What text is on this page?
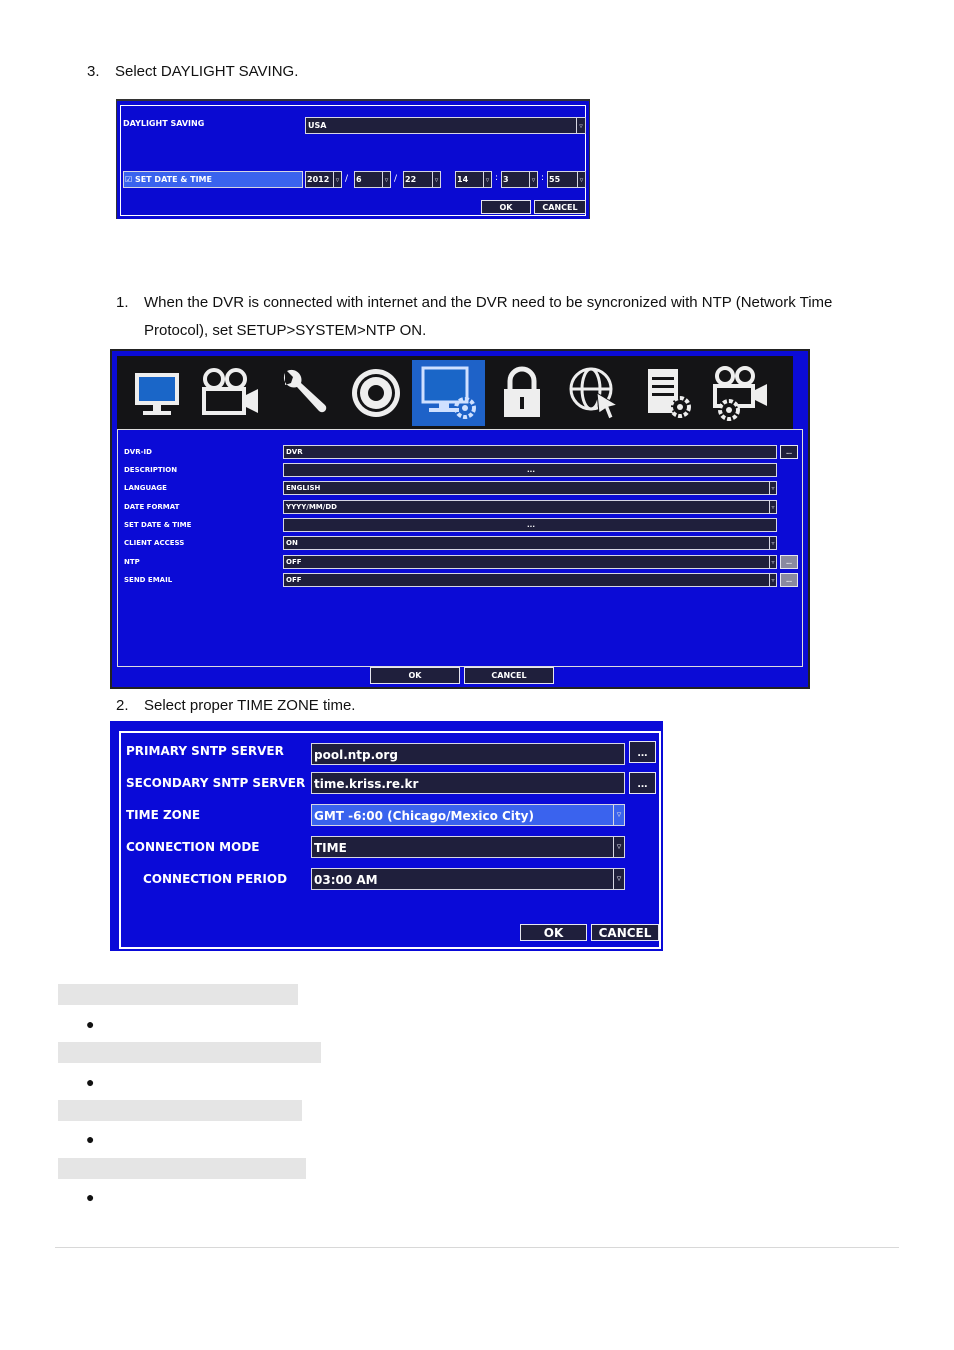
3. Select DAYLIGHT SAVING.
DAYLIGHT SAVING	USA	▿
☑ SET DATE & TIME	2012 ▿ / 6	▿ / 22	▿ 14	▿ : 3	▿ : 55	▿
OK	CANCEL
1. When the DVR is connected with internet and the DVR need to be syncronized with NTP (Network Time
Protocol), set SETUP>SYSTEM>NTP ON.
DVR-ID	DVR	...
DESCRIPTION	...
LANGUAGE	ENGLISH	▿
DATE FORMAT	YYYY/MM/DD	▿
SET DATE & TIME	...
CLIENT ACCESS	ON	▿
NTP	OFF	▿	...
SEND EMAIL	OFF	▿	...
OK	CANCEL
2. Select proper TIME ZONE time.
PRIMARY SNTP SERVER	pool.ntp.org	...
SECONDARY SNTP SERVER time.kriss.re.kr	...
TIME ZONE	GMT -6:00 (Chicago/Mexico City)	▿
CONNECTION MODE	TIME	▿
CONNECTION PERIOD 03:00 AM	▿
OK	CANCEL
●
●
●
●
